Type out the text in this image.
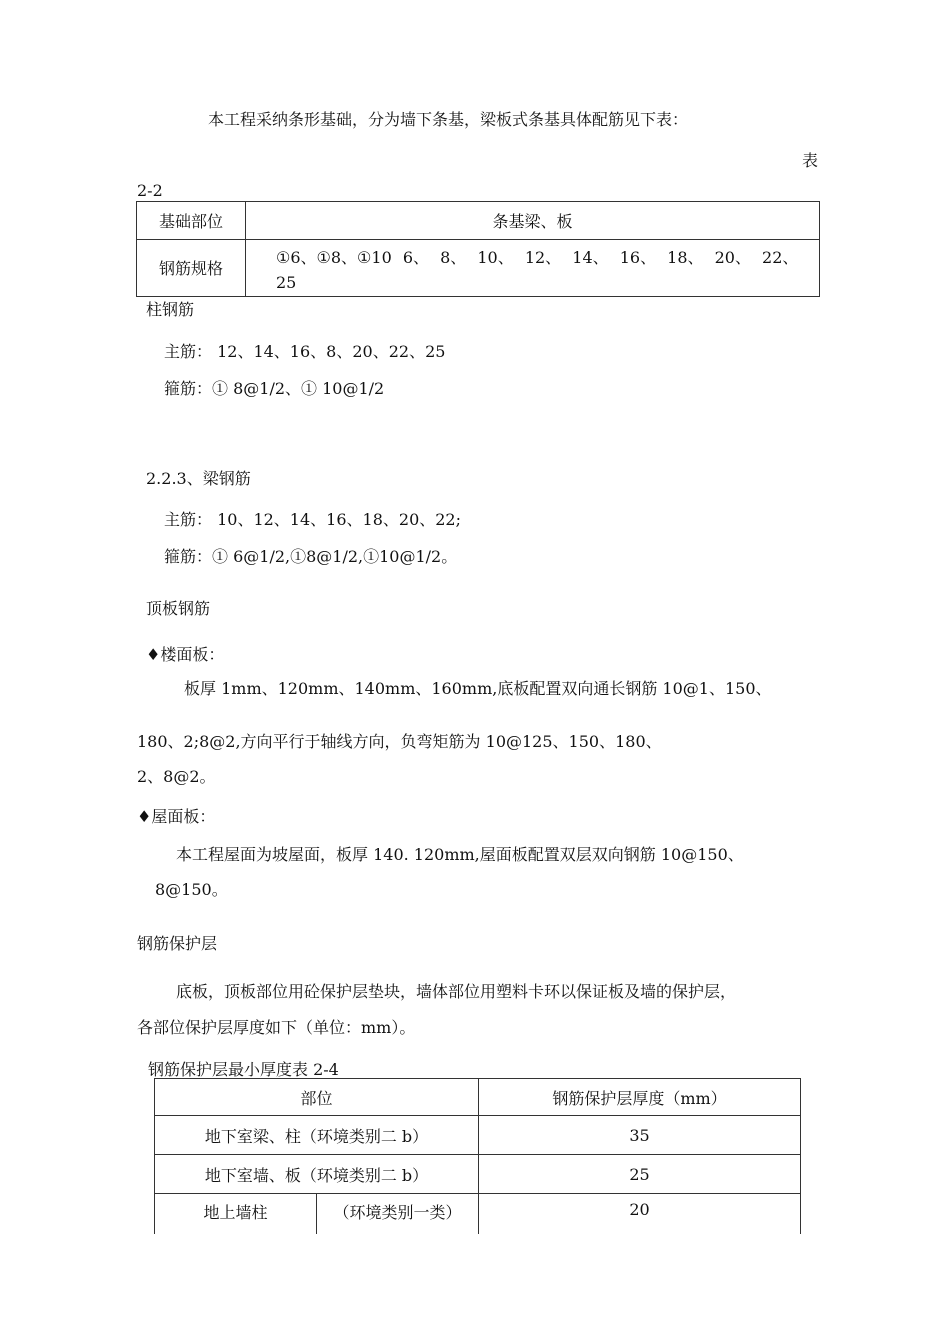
本工程采纳条形基础，分为墙下条基，梁板式条基具体配筋见下表：
表
2-2
基础部位	条基梁、板
钢筋规格	①6、①8、①10 6、 8、 10、 12、 14、 16、 18、 20、 22、 25
柱钢筋
主筋： 12、14、16、8、20、22、25
箍筋：① 8@1/2、① 10@1/2
2.2.3、梁钢筋
主筋： 10、12、14、16、18、20、22;
箍筋：① 6@1/2,①8@1/2,①10@1/2。
顶板钢筋
♦楼面板：
板厚 1mm、120mm、140mm、160mm,底板配置双向通长钢筋 10@1、150、
180、2;8@2,方向平行于轴线方向，负弯矩筋为 10@125、150、180、
2、8@2。
♦屋面板：
本工程屋面为坡屋面，板厚 140. 120mm,屋面板配置双层双向钢筋 10@150、
8@150。
钢筋保护层
底板，顶板部位用砼保护层垫块，墙体部位用塑料卡环以保证板及墙的保护层，
各部位保护层厚度如下（单位：mm）。
钢筋保护层最小厚度表 2-4
部位		钢筋保护层厚度（mm）
地下室梁、柱（环境类别二 b）		35
地下室墙、板（环境类别二 b）		25
地上墙柱	（环境类别一类）	20
